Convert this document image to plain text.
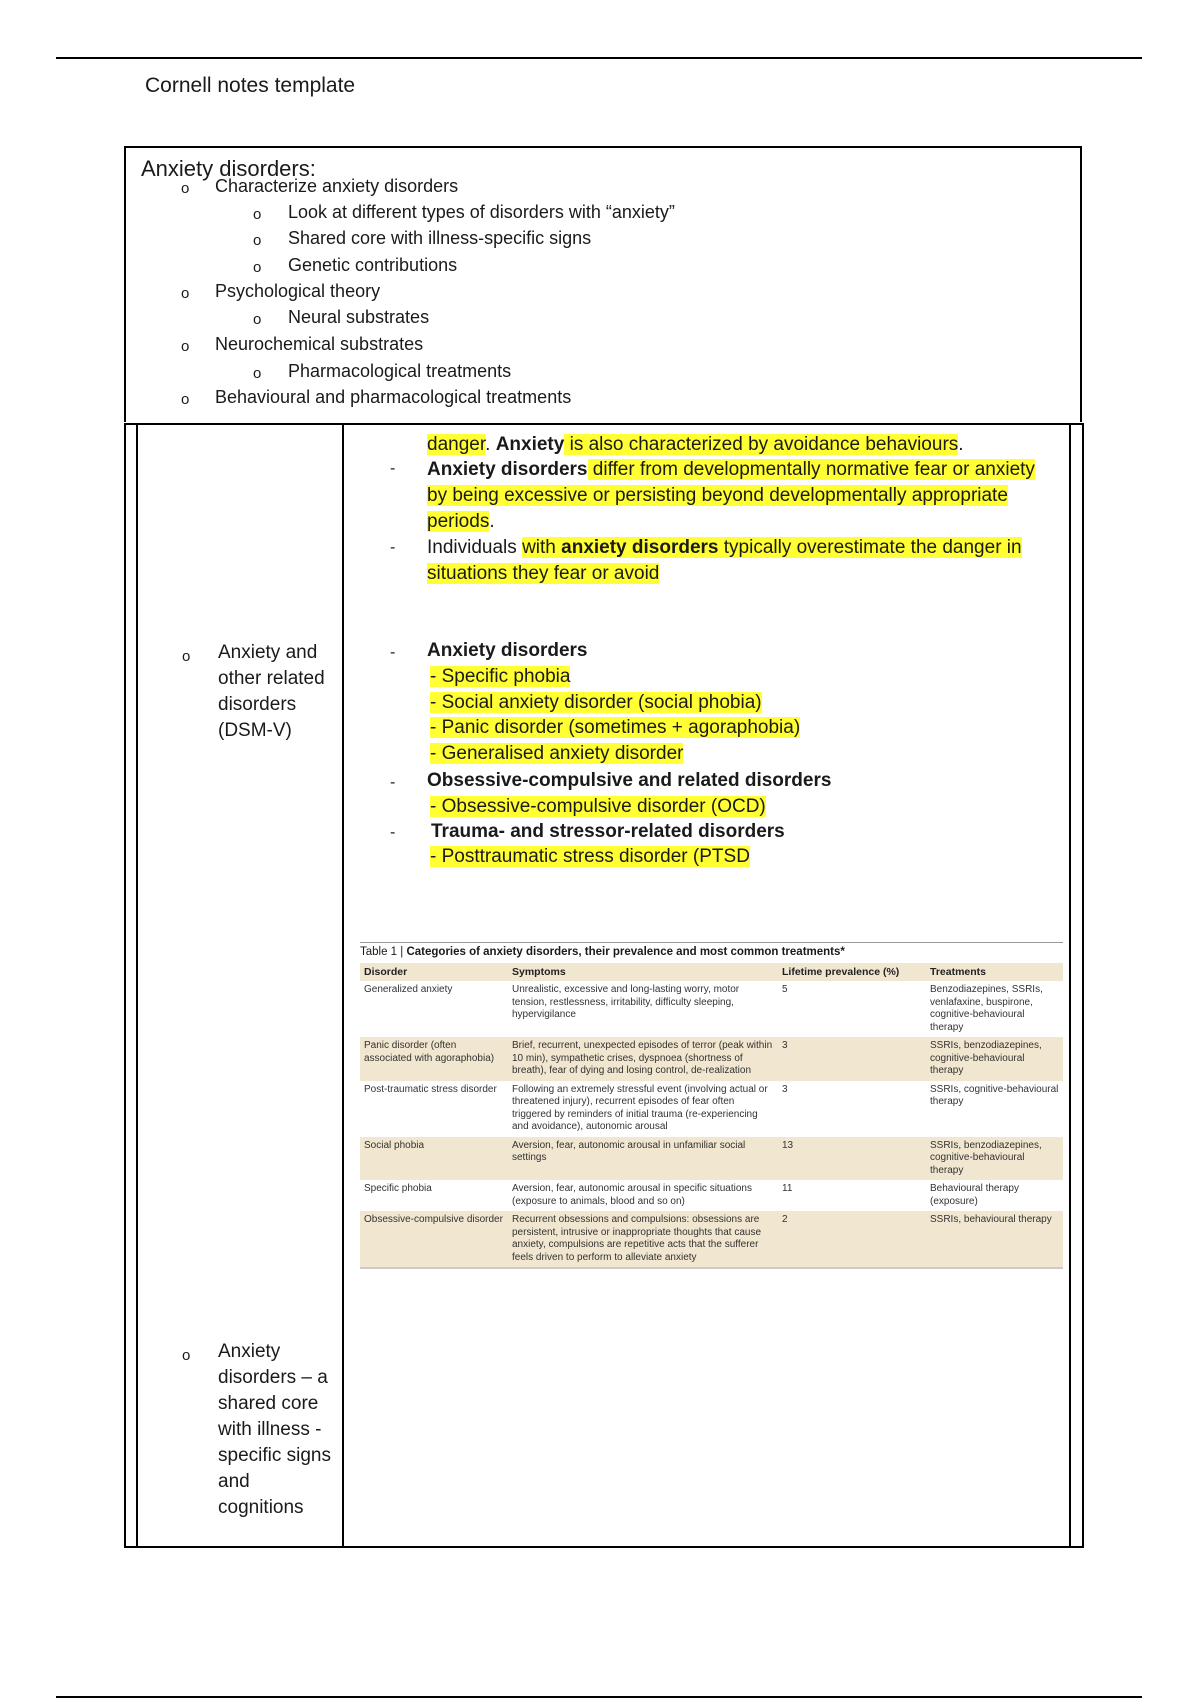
Cornell notes template
Anxiety disorders:
o Characterize anxiety disorders
o Look at different types of disorders with “anxiety”
o Shared core with illness-specific signs
o Genetic contributions
o Psychological theory
o Neural substrates
o Neurochemical substrates
o Pharmacological treatments
o Behavioural and pharmacological treatments
o Anxiety and
other related
disorders
(DSM-V)
o Anxiety
disorders – a
shared core
with illness -
specific signs
and
cognitions
danger. Anxiety is also characterized by avoidance behaviours.
- Anxiety disorders differ from developmentally normative fear or anxiety
by being excessive or persisting beyond developmentally appropriate
periods.
- Individuals with anxiety disorders typically overestimate the danger in
situations they fear or avoid
- Anxiety disorders
- Specific phobia
- Social anxiety disorder (social phobia)
- Panic disorder (sometimes + agoraphobia)
- Generalised anxiety disorder
- Obsessive-compulsive and related disorders
- Obsessive-compulsive disorder (OCD)
- Trauma- and stressor-related disorders
- Posttraumatic stress disorder (PTSD
Table 1 | Categories of anxiety disorders, their prevalence and most common treatments*
Disorder	Symptoms	Lifetime prevalence (%)	Treatments
Generalized anxiety	Unrealistic, excessive and long-lasting worry, motor tension, restlessness, irritability, difficulty sleeping, hypervigilance	5	Benzodiazepines, SSRIs, venlafaxine, buspirone, cognitive-behavioural therapy
Panic disorder (often associated with agoraphobia)	Brief, recurrent, unexpected episodes of terror (peak within 10 min), sympathetic crises, dyspnoea (shortness of breath), fear of dying and losing control, de-realization	3	SSRIs, benzodiazepines, cognitive-behavioural therapy
Post-traumatic stress disorder	Following an extremely stressful event (involving actual or threatened injury), recurrent episodes of fear often triggered by reminders of initial trauma (re-experiencing and avoidance), autonomic arousal	3	SSRIs, cognitive-behavioural therapy
Social phobia	Aversion, fear, autonomic arousal in unfamiliar social settings	13	SSRIs, benzodiazepines, cognitive-behavioural therapy
Specific phobia	Aversion, fear, autonomic arousal in specific situations (exposure to animals, blood and so on)	11	Behavioural therapy (exposure)
Obsessive-compulsive disorder	Recurrent obsessions and compulsions: obsessions are persistent, intrusive or inappropriate thoughts that cause anxiety, compulsions are repetitive acts that the sufferer feels driven to perform to alleviate anxiety	2	SSRIs, behavioural therapy
